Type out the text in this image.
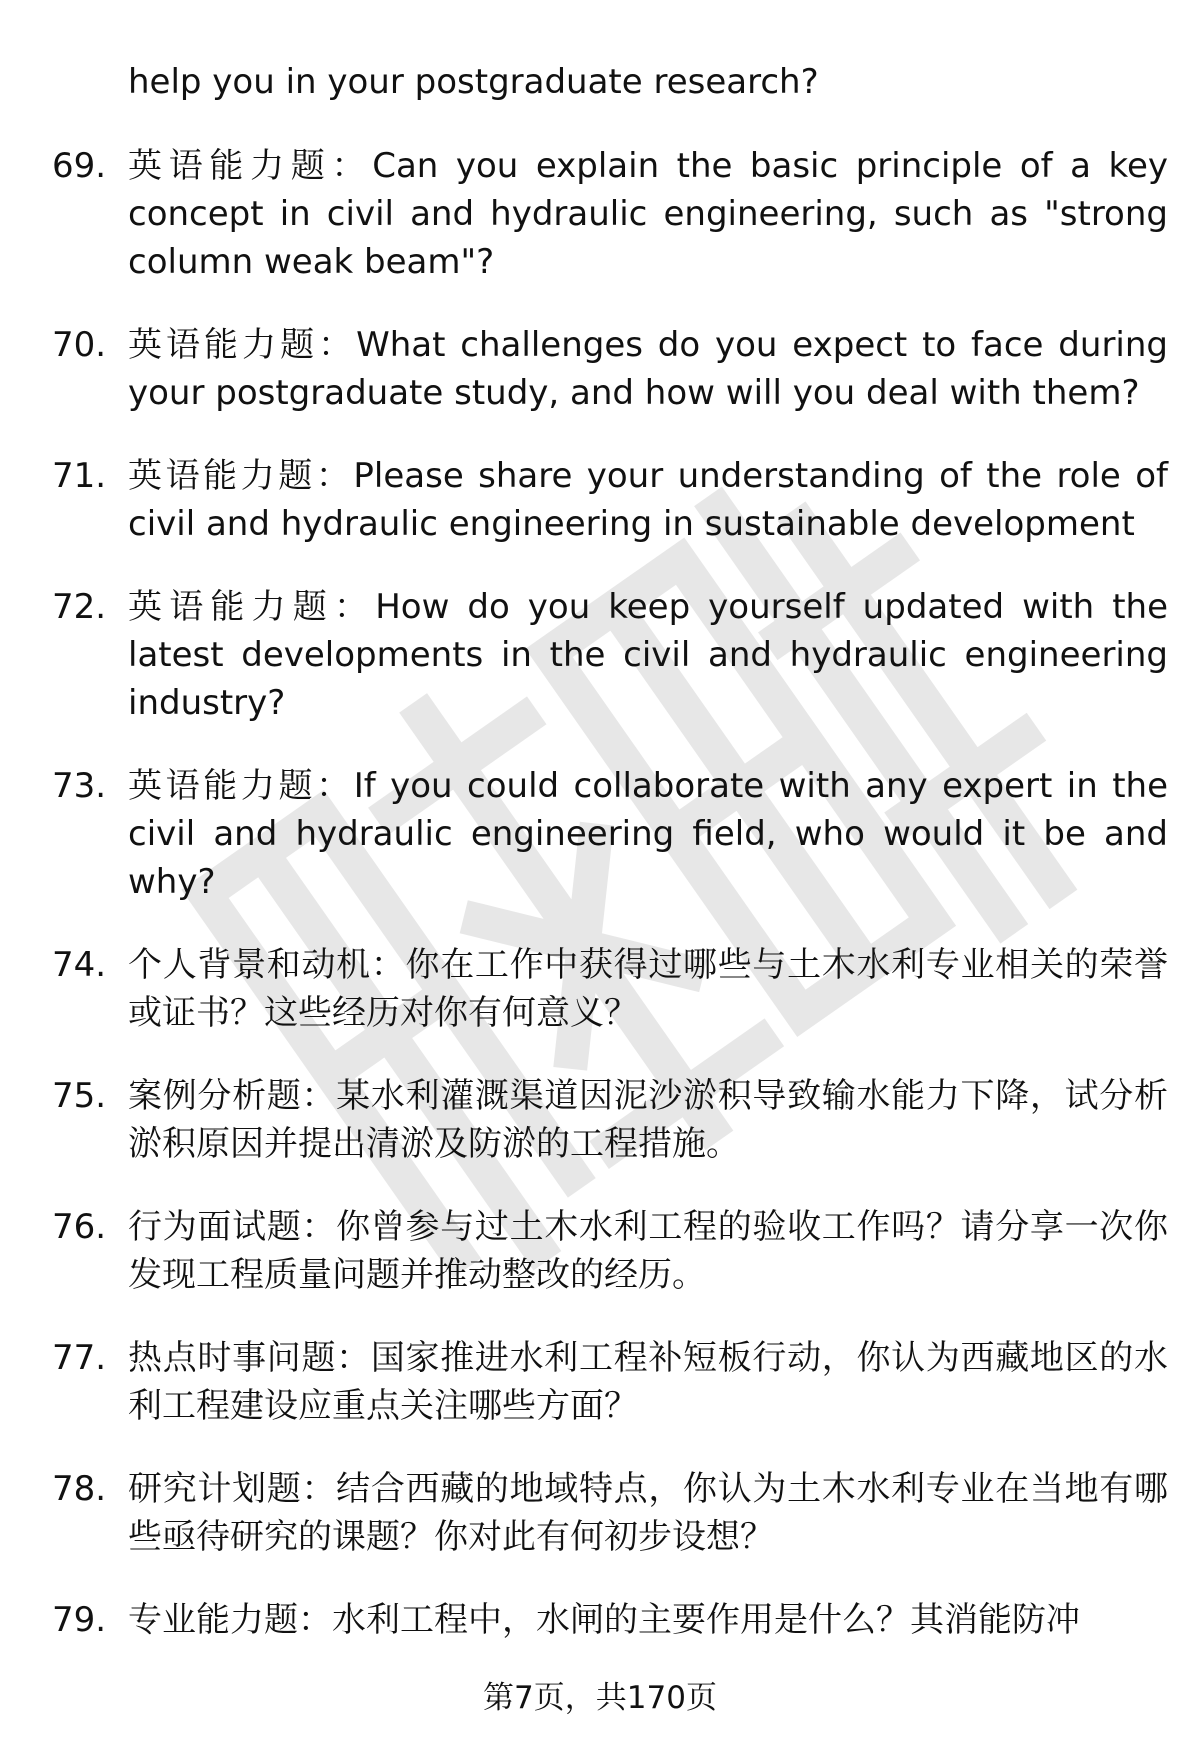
help you in your postgraduate research?
69. 英语能力题：Can you explain the basic principle of a key concept in civil and hydraulic engineering, such as "strong column weak beam"?
70. 英语能力题：What challenges do you expect to face during your postgraduate study, and how will you deal with them?
71. 英语能力题：Please share your understanding of the role of civil and hydraulic engineering in sustainable development
72. 英语能力题：How do you keep yourself updated with the latest developments in the civil and hydraulic engineering industry?
73. 英语能力题：If you could collaborate with any expert in the civil and hydraulic engineering field, who would it be and why?
74. 个人背景和动机：你在工作中获得过哪些与土木水利专业相关的荣誉或证书？这些经历对你有何意义？
75. 案例分析题：某水利灌溉渠道因泥沙淤积导致输水能力下降，试分析淤积原因并提出清淤及防淤的工程措施。
76. 行为面试题：你曾参与过土木水利工程的验收工作吗？请分享一次你发现工程质量问题并推动整改的经历。
77. 热点时事问题：国家推进水利工程补短板行动，你认为西藏地区的水利工程建设应重点关注哪些方面？
78. 研究计划题：结合西藏的地域特点，你认为土木水利专业在当地有哪些亟待研究的课题？你对此有何初步设想？
79. 专业能力题：水利工程中，水闸的主要作用是什么？其消能防冲
第7页，共170页
